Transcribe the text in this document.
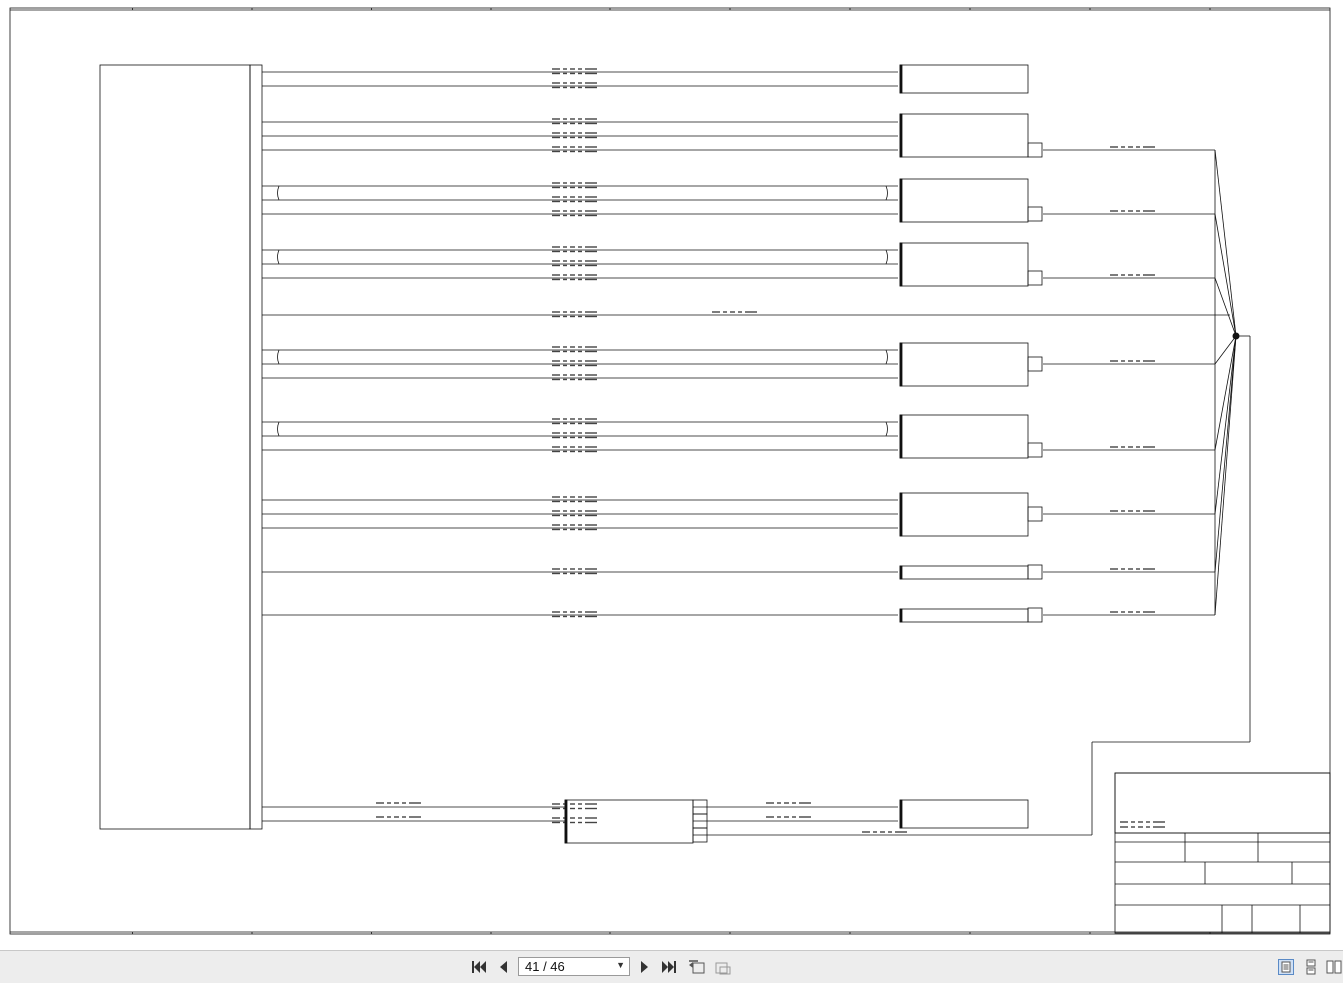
41 / 46	▼
